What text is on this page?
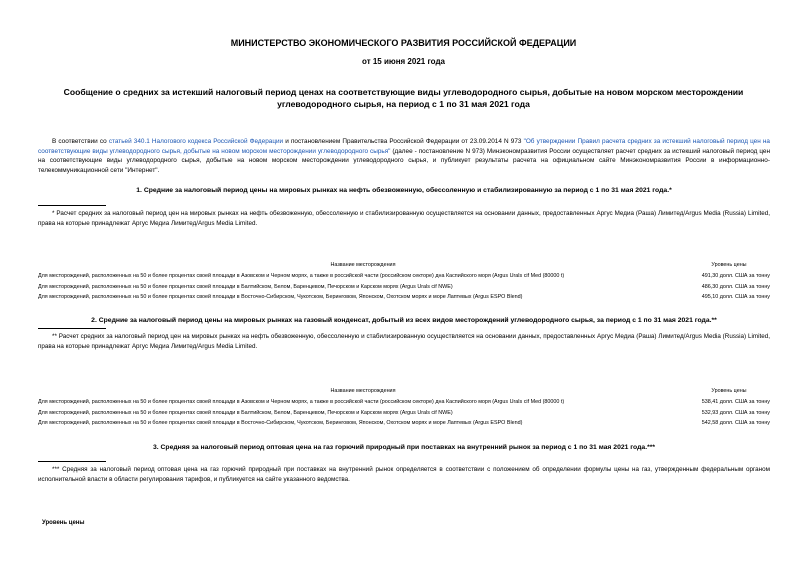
МИНИСТЕРСТВО ЭКОНОМИЧЕСКОГО РАЗВИТИЯ РОССИЙСКОЙ ФЕДЕРАЦИИ
от 15 июня 2021 года
Сообщение о средних за истекший налоговый период ценах на соответствующие виды углеводородного сырья, добытые на новом морском месторождении углеводородного сырья, на период с 1 по 31 мая 2021 года
В соответствии со статьей 340.1 Налогового кодекса Российской Федерации и постановлением Правительства Российской Федерации от 23.09.2014 N 973 "Об утверждении Правил расчета средних за истекший налоговый период цен на соответствующие виды углеводородного сырья, добытые на новом морском месторождении углеводородного сырья" (далее - постановление N 973) Минэкономразвития России осуществляет расчет средних за истекший налоговый период цен на соответствующие виды углеводородного сырья, добытые на новом морском месторождении углеводородного сырья, и публикует результаты расчета на официальном сайте Минэкономразвития России в информационно-телекоммуникационной сети "Интернет".
1. Средние за налоговый период цены на мировых рынках на нефть обезвоженную, обессоленную и стабилизированную за период с 1 по 31 мая 2021 года.*
* Расчет средних за налоговый период цен на мировых рынках на нефть обезвоженную, обессоленную и стабилизированную осуществляется на основании данных, предоставленных Аргус Медиа (Раша) Лимитед/Argus Media (Russia) Limited, права на которые принадлежат Аргус Медиа Лимитед/Argus Media Limited.
Название месторождения	Уровень цены
Для месторождений, расположенных на 50 и более процентах своей площади в Азовском и Черном морях, а также в российской части (российском секторе) дна Каспийского моря (Argus Urals cif Med (80000 t)	491,30 долл. США за тонну
Для месторождений, расположенных на 50 и более процентах своей площади в Балтийском, Белом, Баренцевом, Печорском и Карском морях (Argus Urals cif NWE)	486,30 долл. США за тонну
Для месторождений, расположенных на 50 и более процентах своей площади в Восточно-Сибирском, Чукотском, Беринговом, Японском, Охотском морях и море Лаптевых (Argus ESPO Blend)	495,10 долл. США за тонну
2. Средние за налоговый период цены на мировых рынках на газовый конденсат, добытый из всех видов месторождений углеводородного сырья, за период с 1 по 31 мая 2021 года.**
** Расчет средних за налоговый период цен на мировых рынках на нефть обезвоженную, обессоленную и стабилизированную осуществляется на основании данных, предоставленных Аргус Медиа (Раша) Лимитед/Argus Media (Russia) Limited, права на которые принадлежат Аргус Медиа Лимитед/Argus Media Limited.
Название месторождения	Уровень цены
Для месторождений, расположенных на 50 и более процентах своей площади в Азовском и Черном морях, а также в российской части (российском секторе) дна Каспийского моря (Argus Urals cif Med (80000 t)	538,41 долл. США за тонну
Для месторождений, расположенных на 50 и более процентах своей площади в Балтийском, Белом, Баренцевом, Печорском и Карском морях (Argus Urals cif NWE)	532,93 долл. США за тонну
Для месторождений, расположенных на 50 и более процентах своей площади в Восточно-Сибирском, Чукотском, Беринговом, Японском, Охотском морях и море Лаптевых (Argus ESPO Blend)	542,58 долл. США за тонну
3. Средняя за налоговый период оптовая цена на газ горючий природный при поставках на внутренний рынок за период с 1 по 31 мая 2021 года.***
*** Средняя за налоговый период оптовая цена на газ горючий природный при поставках на внутренний рынок определяется в соответствии с положением об определении формулы цены на газ, утвержденным федеральным органом исполнительной власти в области регулирования тарифов, и публикуется на сайте указанного ведомства.
Уровень цены
